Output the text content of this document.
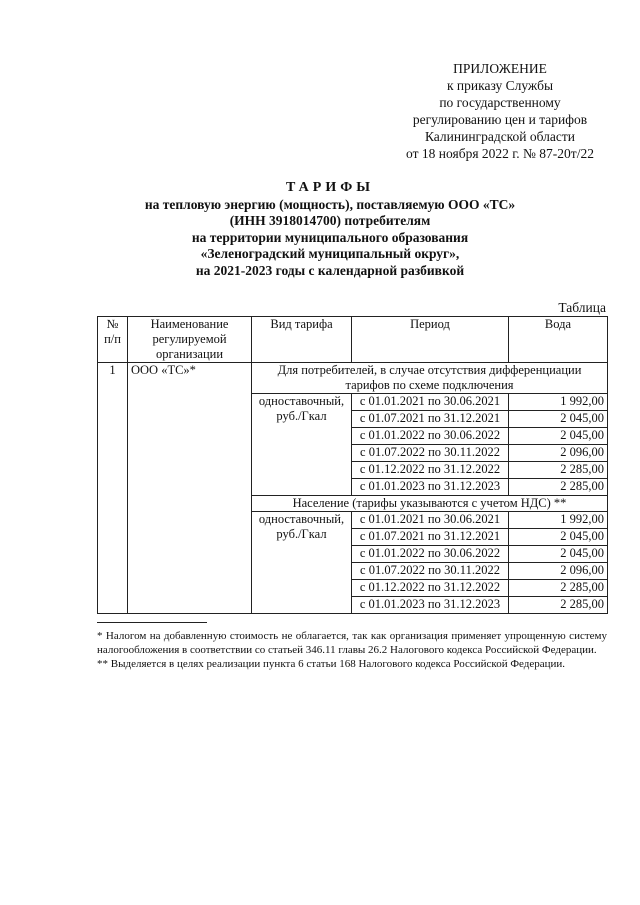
ПРИЛОЖЕНИЕ
к приказу Службы
по государственному
регулированию цен и тарифов
Калининградской области
от 18 ноября 2022 г. № 87-20т/22
ТАРИФЫ
на тепловую энергию (мощность), поставляемую ООО «ТС»
(ИНН 3918014700) потребителям
на территории муниципального образования
«Зеленоградский муниципальный округ»,
на 2021-2023 годы с календарной разбивкой
Таблица
№ п/п	Наименование регулируемой организации	Вид тарифа	Период	Вода
1	ООО «ТС»*	Для потребителей, в случае отсутствия дифференциации тарифов по схеме подключения		
		одноставочный, руб./Гкал	с 01.01.2021 по 30.06.2021	1 992,00
			с 01.07.2021 по 31.12.2021	2 045,00
			с 01.01.2022 по 30.06.2022	2 045,00
			с 01.07.2022 по 30.11.2022	2 096,00
			с 01.12.2022 по 31.12.2022	2 285,00
			с 01.01.2023 по 31.12.2023	2 285,00
		Население (тарифы указываются с учетом НДС) **		
		одноставочный, руб./Гкал	с 01.01.2021 по 30.06.2021	1 992,00
			с 01.07.2021 по 31.12.2021	2 045,00
			с 01.01.2022 по 30.06.2022	2 045,00
			с 01.07.2022 по 30.11.2022	2 096,00
			с 01.12.2022 по 31.12.2022	2 285,00
			с 01.01.2023 по 31.12.2023	2 285,00

* Налогом на добавленную стоимость не облагается, так как организация применяет упрощенную систему налогообложения в соответствии со статьей 346.11 главы 26.2 Налогового кодекса Российской Федерации.

** Выделяется в целях реализации пункта 6 статьи 168 Налогового кодекса Российской Федерации.
